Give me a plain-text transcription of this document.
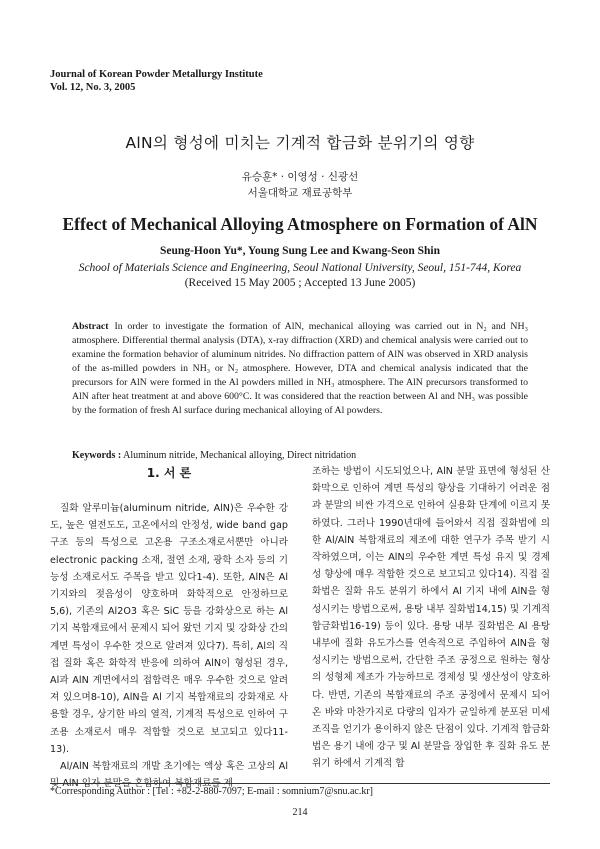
Journal of Korean Powder Metallurgy Institute
Vol. 12, No. 3, 2005
AlN의 형성에 미치는 기계적 합금화 분위기의 영향
유승훈* · 이영성 · 신광선
서울대학교 재료공학부
Effect of Mechanical Alloying Atmosphere on Formation of AlN
Seung-Hoon Yu*, Young Sung Lee and Kwang-Seon Shin
School of Materials Science and Engineering, Seoul National University, Seoul, 151-744, Korea
(Received 15 May 2005 ; Accepted 13 June 2005)
Abstract In order to investigate the formation of AlN, mechanical alloying was carried out in N₂ and NH₃ atmosphere. Differential thermal analysis (DTA), x-ray diffraction (XRD) and chemical analysis were carried out to examine the formation behavior of aluminum nitrides. No diffraction pattern of AlN was observed in XRD analysis of the as-milled powders in NH₃ or N₂ atmosphere. However, DTA and chemical analysis indicated that the precursors for AlN were formed in the Al powders milled in NH₃ atmosphere. The AlN precursors transformed to AlN after heat treatment at and above 600°C. It was considered that the reaction between Al and NH₃ was possible by the formation of fresh Al surface during mechanical alloying of Al powders.
Keywords : Aluminum nitride, Mechanical alloying, Direct nitridation
1. 서 론

질화 알루미늄(aluminum nitride, AlN)은 우수한 강도, 높은 열전도도, 고온에서의 안정성, wide band gap 구조 등의 특성으로 고온용 구조소재로서뿐만 아니라 electronic packing 소재, 절연 소재, 광학 소자 등의 기능성 소재로서도 주목을 받고 있다1-4). 또한, AlN은 Al 기지와의 젖음성이 양호하며 화학적으로 안정하므로5,6), 기존의 Al2O3 혹은 SiC 등을 강화상으로 하는 Al 기지 복합재료에서 문제시 되어 왔던 기지 및 강화상 간의 계면 특성이 우수한 것으로 알려져 있다7). 특히, Al의 직접 질화 혹은 화학적 반응에 의하여 AlN이 형성된 경우, Al과 AlN 계면에서의 접합력은 매우 우수한 것으로 알려져 있으며8-10), AlN을 Al 기지 복합재료의 강화재로 사용할 경우, 상기한 바의 열적, 기계적 특성으로 인하여 구조용 소재로서 매우 적합할 것으로 보고되고 있다11-13).

Al/AlN 복합재료의 개발 초기에는 액상 혹은 고상의 Al 및 AlN 입자 분말을 혼합하여 복합재료를 제

조하는 방법이 시도되었으나, AlN 분말 표면에 형성된 산화막으로 인하여 계면 특성의 향상을 기대하기 어려운 점과 분말의 비싼 가격으로 인하여 실용화 단계에 이르지 못하였다. 그러나 1990년대에 들어와서 직접 질화법에 의한 Al/AlN 복합재료의 제조에 대한 연구가 주목 받기 시작하였으며, 이는 AlN의 우수한 계면 특성 유지 및 경제성 향상에 매우 적합한 것으로 보고되고 있다14). 직접 질화법은 질화 유도 분위기 하에서 Al 기지 내에 AlN을 형성시키는 방법으로써, 용탕 내부 질화법14,15) 및 기계적 합금화법16-19) 등이 있다. 용탕 내부 질화법은 Al 용탕 내부에 질화 유도가스를 연속적으로 주입하여 AlN을 형성시키는 방법으로써, 간단한 주조 공정으로 원하는 형상의 성형체 제조가 가능하므로 경제성 및 생산성이 양호하다. 반면, 기존의 복합재료의 주조 공정에서 문제시 되어 온 바와 마찬가지로 다량의 입자가 균일하게 분포된 미세조직을 얻기가 용이하지 않은 단점이 있다. 기계적 합금화법은 용기 내에 강구 및 Al 분말을 장입한 후 질화 유도 분위기 하에서 기계적 합

*Corresponding Author : [Tel : +82-2-880-7097; E-mail : somnium7@snu.ac.kr]
214
